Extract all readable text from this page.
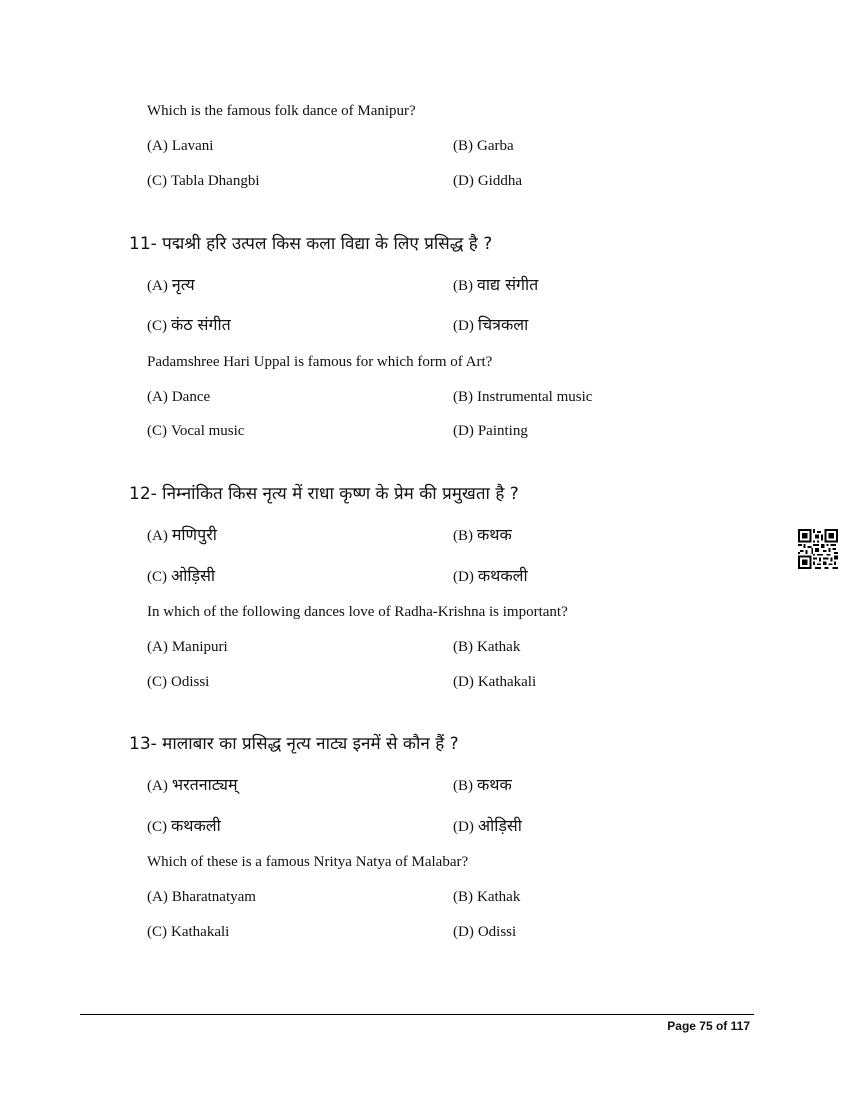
Which is the famous folk dance of Manipur?
(A) Lavani	(B) Garba
(C) Tabla Dhangbi	(D) Giddha
11- पद्मश्री हरि उत्पल किस कला विद्या के लिए प्रसिद्ध है ?
(A) नृत्य	(B) वाद्य संगीत
(C) कंठ संगीत	(D) चित्रकला
Padamshree Hari Uppal is famous for which form of Art?
(A) Dance	(B) Instrumental music
(C) Vocal music	(D) Painting
12- निम्नांकित किस नृत्य में राधा कृष्ण के प्रेम की प्रमुखता है ?
(A) मणिपुरी	(B) कथक
(C) ओड़िसी	(D) कथकली
In which of the following dances love of Radha-Krishna is important?
(A) Manipuri	(B) Kathak
(C) Odissi	(D) Kathakali
13- मालाबार का प्रसिद्ध नृत्य नाट्य इनमें से कौन हैं ?
(A) भरतनाट्यम्	(B) कथक
(C) कथकली	(D) ओड़िसी
Which of these is a famous Nritya Natya of Malabar?
(A) Bharatnatyam	(B) Kathak
(C) Kathakali	(D) Odissi
Page 75 of 117
